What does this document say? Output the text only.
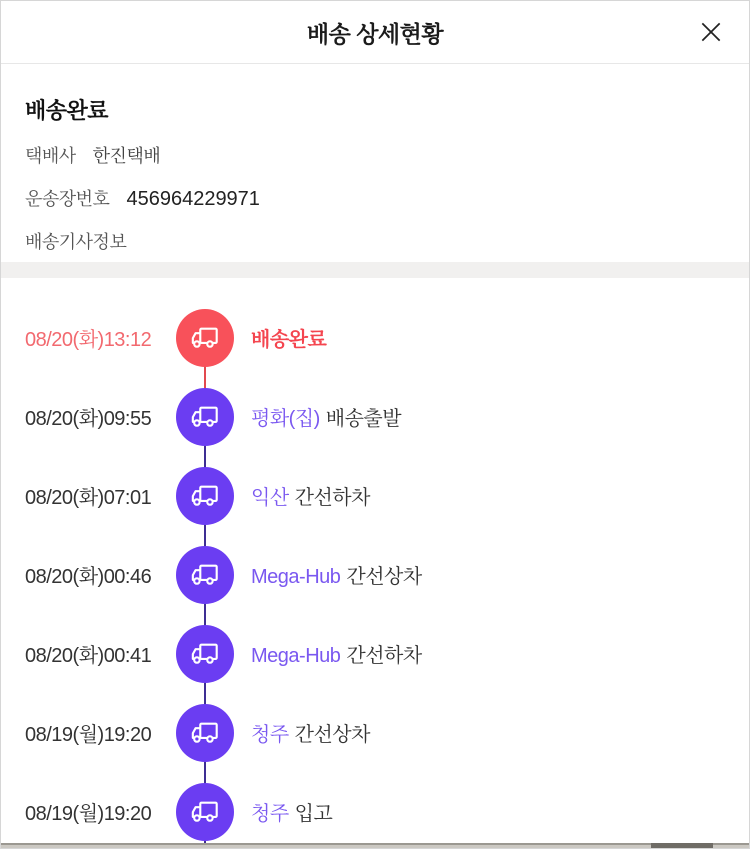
배송 상세현황
배송완료
택배사 한진택배
운송장번호 456964229971
배송기사정보
08/20(화)13:12	배송완료
08/20(화)09:55	평화(집) 배송출발
08/20(화)07:01	익산 간선하차
08/20(화)00:46	Mega-Hub 간선상차
08/20(화)00:41	Mega-Hub 간선하차
08/19(월)19:20	청주 간선상차
08/19(월)19:20	청주 입고
